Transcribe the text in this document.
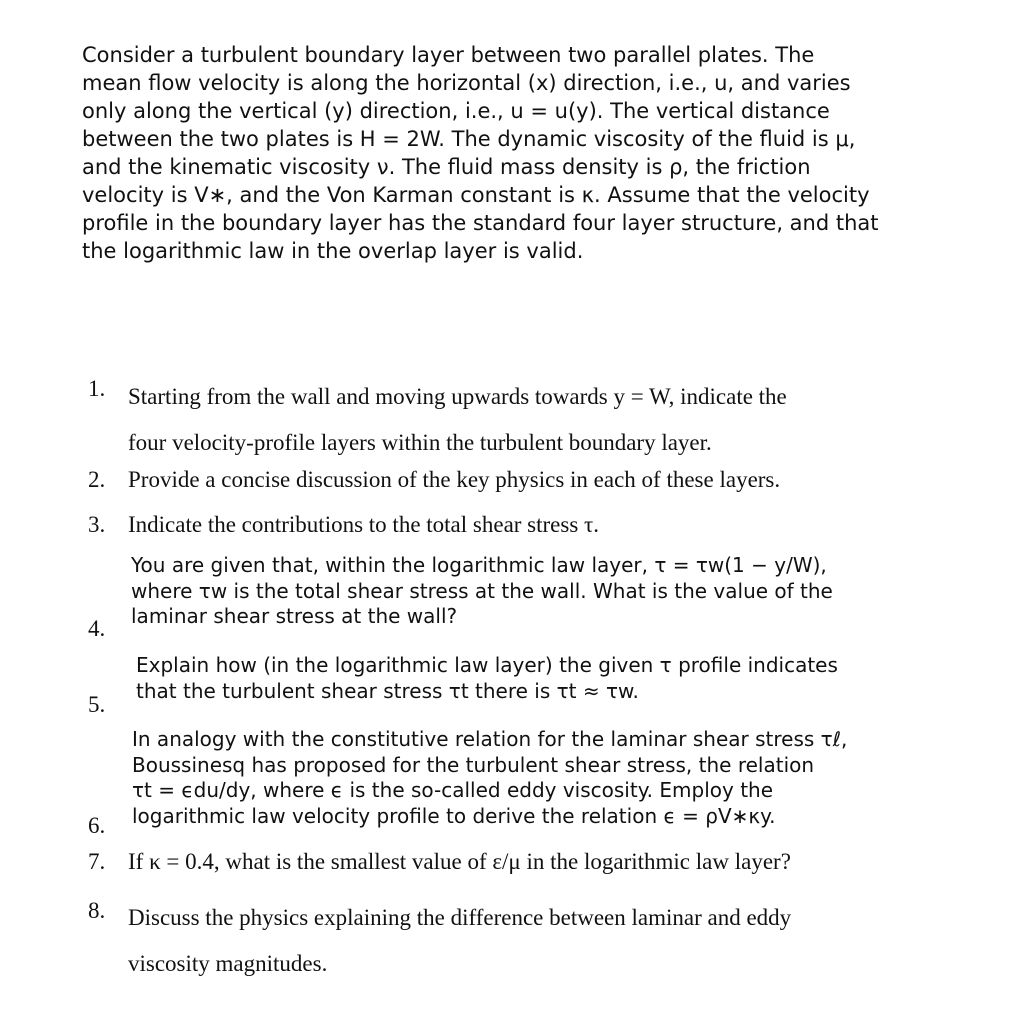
Consider a turbulent boundary layer between two parallel plates. The
mean flow velocity is along the horizontal (x) direction, i.e., u, and varies
only along the vertical (y) direction, i.e., u = u(y). The vertical distance
between the two plates is H = 2W. The dynamic viscosity of the fluid is μ,
and the kinematic viscosity ν. The fluid mass density is ρ, the friction
velocity is V∗, and the Von Karman constant is κ. Assume that the velocity
profile in the boundary layer has the standard four layer structure, and that
the logarithmic law in the overlap layer is valid.

1. Starting from the wall and moving upwards towards y = W, indicate the
four velocity-profile layers within the turbulent boundary layer.
2. Provide a concise discussion of the key physics in each of these layers.
3. Indicate the contributions to the total shear stress τ.
4.
You are given that, within the logarithmic law layer, τ = τw(1 − y/W),
where τw is the total shear stress at the wall. What is the value of the
laminar shear stress at the wall?
5.
Explain how (in the logarithmic law layer) the given τ profile indicates
that the turbulent shear stress τt there is τt ≈ τw.
6.
In analogy with the constitutive relation for the laminar shear stress τℓ,
Boussinesq has proposed for the turbulent shear stress, the relation
τt = ϵdu/dy, where ϵ is the so-called eddy viscosity. Employ the
logarithmic law velocity profile to derive the relation ϵ = ρV∗κy.
7. If κ = 0.4, what is the smallest value of ε/μ in the logarithmic law layer?
8. Discuss the physics explaining the difference between laminar and eddy
viscosity magnitudes.
